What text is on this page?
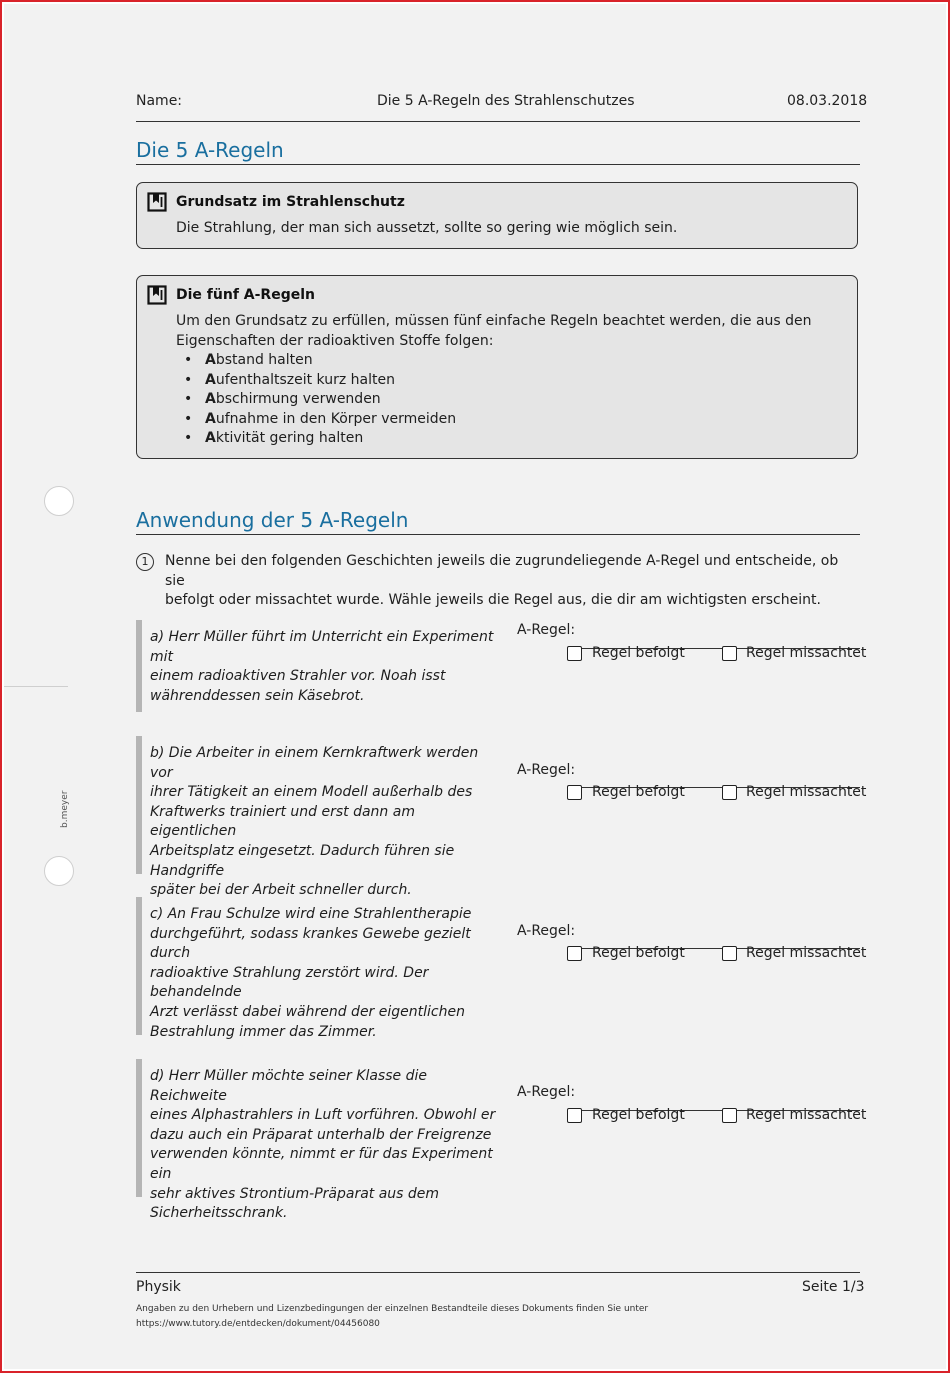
b.meyer
Name:	Die 5 A-Regeln des Strahlenschutzes	08.03.2018
Die 5 A-Regeln
Grundsatz im Strahlenschutz
Die Strahlung, der man sich aussetzt, sollte so gering wie möglich sein.
Die fünf A-Regeln
Um den Grundsatz zu erfüllen, müssen fünf einfache Regeln beachtet werden, die aus den
Eigenschaften der radioaktiven Stoffe folgen:
• Abstand halten
• Aufenthaltszeit kurz halten
• Abschirmung verwenden
• Aufnahme in den Körper vermeiden
• Aktivität gering halten
Anwendung der 5 A-Regeln
1	Nenne bei den folgenden Geschichten jeweils die zugrundeliegende A-Regel und entscheide, ob sie
befolgt oder missachtet wurde. Wähle jeweils die Regel aus, die dir am wichtigsten erscheint.
a) Herr Müller führt im Unterricht ein Experiment mit
einem radioaktiven Strahler vor. Noah isst
währenddessen sein Käsebrot.
A-Regel:
Regel befolgt	Regel missachtet
b) Die Arbeiter in einem Kernkraftwerk werden vor
ihrer Tätigkeit an einem Modell außerhalb des
Kraftwerks trainiert und erst dann am eigentlichen
Arbeitsplatz eingesetzt. Dadurch führen sie Handgriffe
später bei der Arbeit schneller durch.
A-Regel:
Regel befolgt	Regel missachtet
c) An Frau Schulze wird eine Strahlentherapie
durchgeführt, sodass krankes Gewebe gezielt durch
radioaktive Strahlung zerstört wird. Der behandelnde
Arzt verlässt dabei während der eigentlichen
Bestrahlung immer das Zimmer.
A-Regel:
Regel befolgt	Regel missachtet
d) Herr Müller möchte seiner Klasse die Reichweite
eines Alphastrahlers in Luft vorführen. Obwohl er
dazu auch ein Präparat unterhalb der Freigrenze
verwenden könnte, nimmt er für das Experiment ein
sehr aktives Strontium-Präparat aus dem
Sicherheitsschrank.
A-Regel:
Regel befolgt	Regel missachtet
Physik	Seite 1/3
Angaben zu den Urhebern und Lizenzbedingungen der einzelnen Bestandteile dieses Dokuments finden Sie unter
https://www.tutory.de/entdecken/dokument/04456080
